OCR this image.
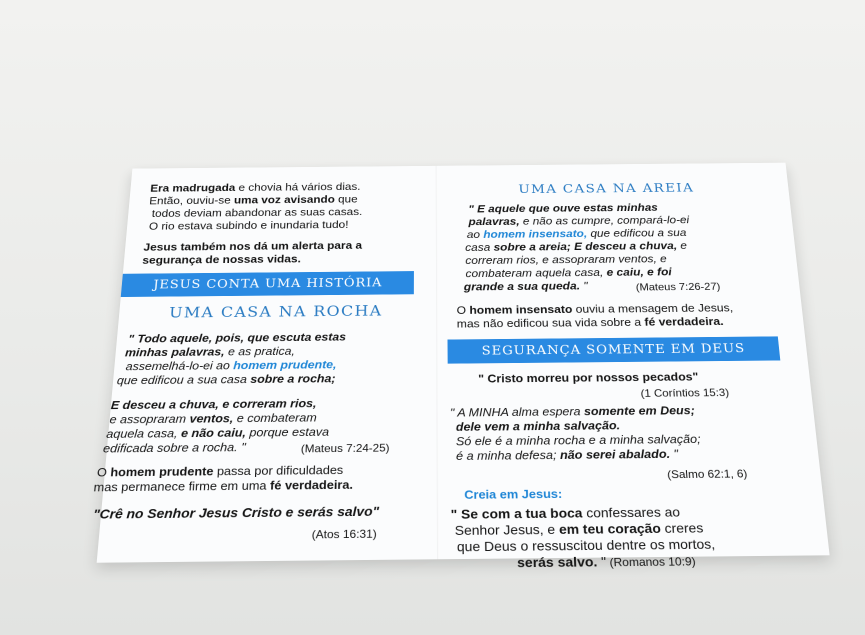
Era madrugada e chovia há vários dias.
Então, ouviu-se uma voz avisando que
todos deviam abandonar as suas casas.
O rio estava subindo e inundaria tudo!
Jesus também nos dá um alerta para a
segurança de nossas vidas.
JESUS CONTA UMA HISTÓRIA
UMA CASA NA ROCHA
" Todo aquele, pois, que escuta estas
minhas palavras, e as pratica,
assemelhá-lo-ei ao homem prudente,
que edificou a sua casa sobre a rocha;
E desceu a chuva, e correram rios,
e assopraram ventos, e combateram
aquela casa, e não caiu, porque estava
edificada sobre a rocha. "	(Mateus 7:24-25)
O homem prudente passa por dificuldades
mas permanece firme em uma fé verdadeira.
"Crê no Senhor Jesus Cristo e serás salvo"
(Atos 16:31)
UMA CASA NA AREIA
" E aquele que ouve estas minhas
palavras, e não as cumpre, compará-lo-ei
ao homem insensato, que edificou a sua
casa sobre a areia; E desceu a chuva, e
correram rios, e assopraram ventos, e
combateram aquela casa, e caiu, e foi
grande a sua queda. "	(Mateus 7:26-27)
O homem insensato ouviu a mensagem de Jesus,
mas não edificou sua vida sobre a fé verdadeira.
SEGURANÇA SOMENTE EM DEUS
" Cristo morreu por nossos pecados"
(1 Coríntios 15:3)
" A MINHA alma espera somente em Deus;
dele vem a minha salvação.
Só ele é a minha rocha e a minha salvação;
é a minha defesa; não serei abalado. "
(Salmo 62:1, 6)
Creia em Jesus:
" Se com a tua boca confessares ao
Senhor Jesus, e em teu coração creres
que Deus o ressuscitou dentre os mortos,
serás salvo. " (Romanos 10:9)
